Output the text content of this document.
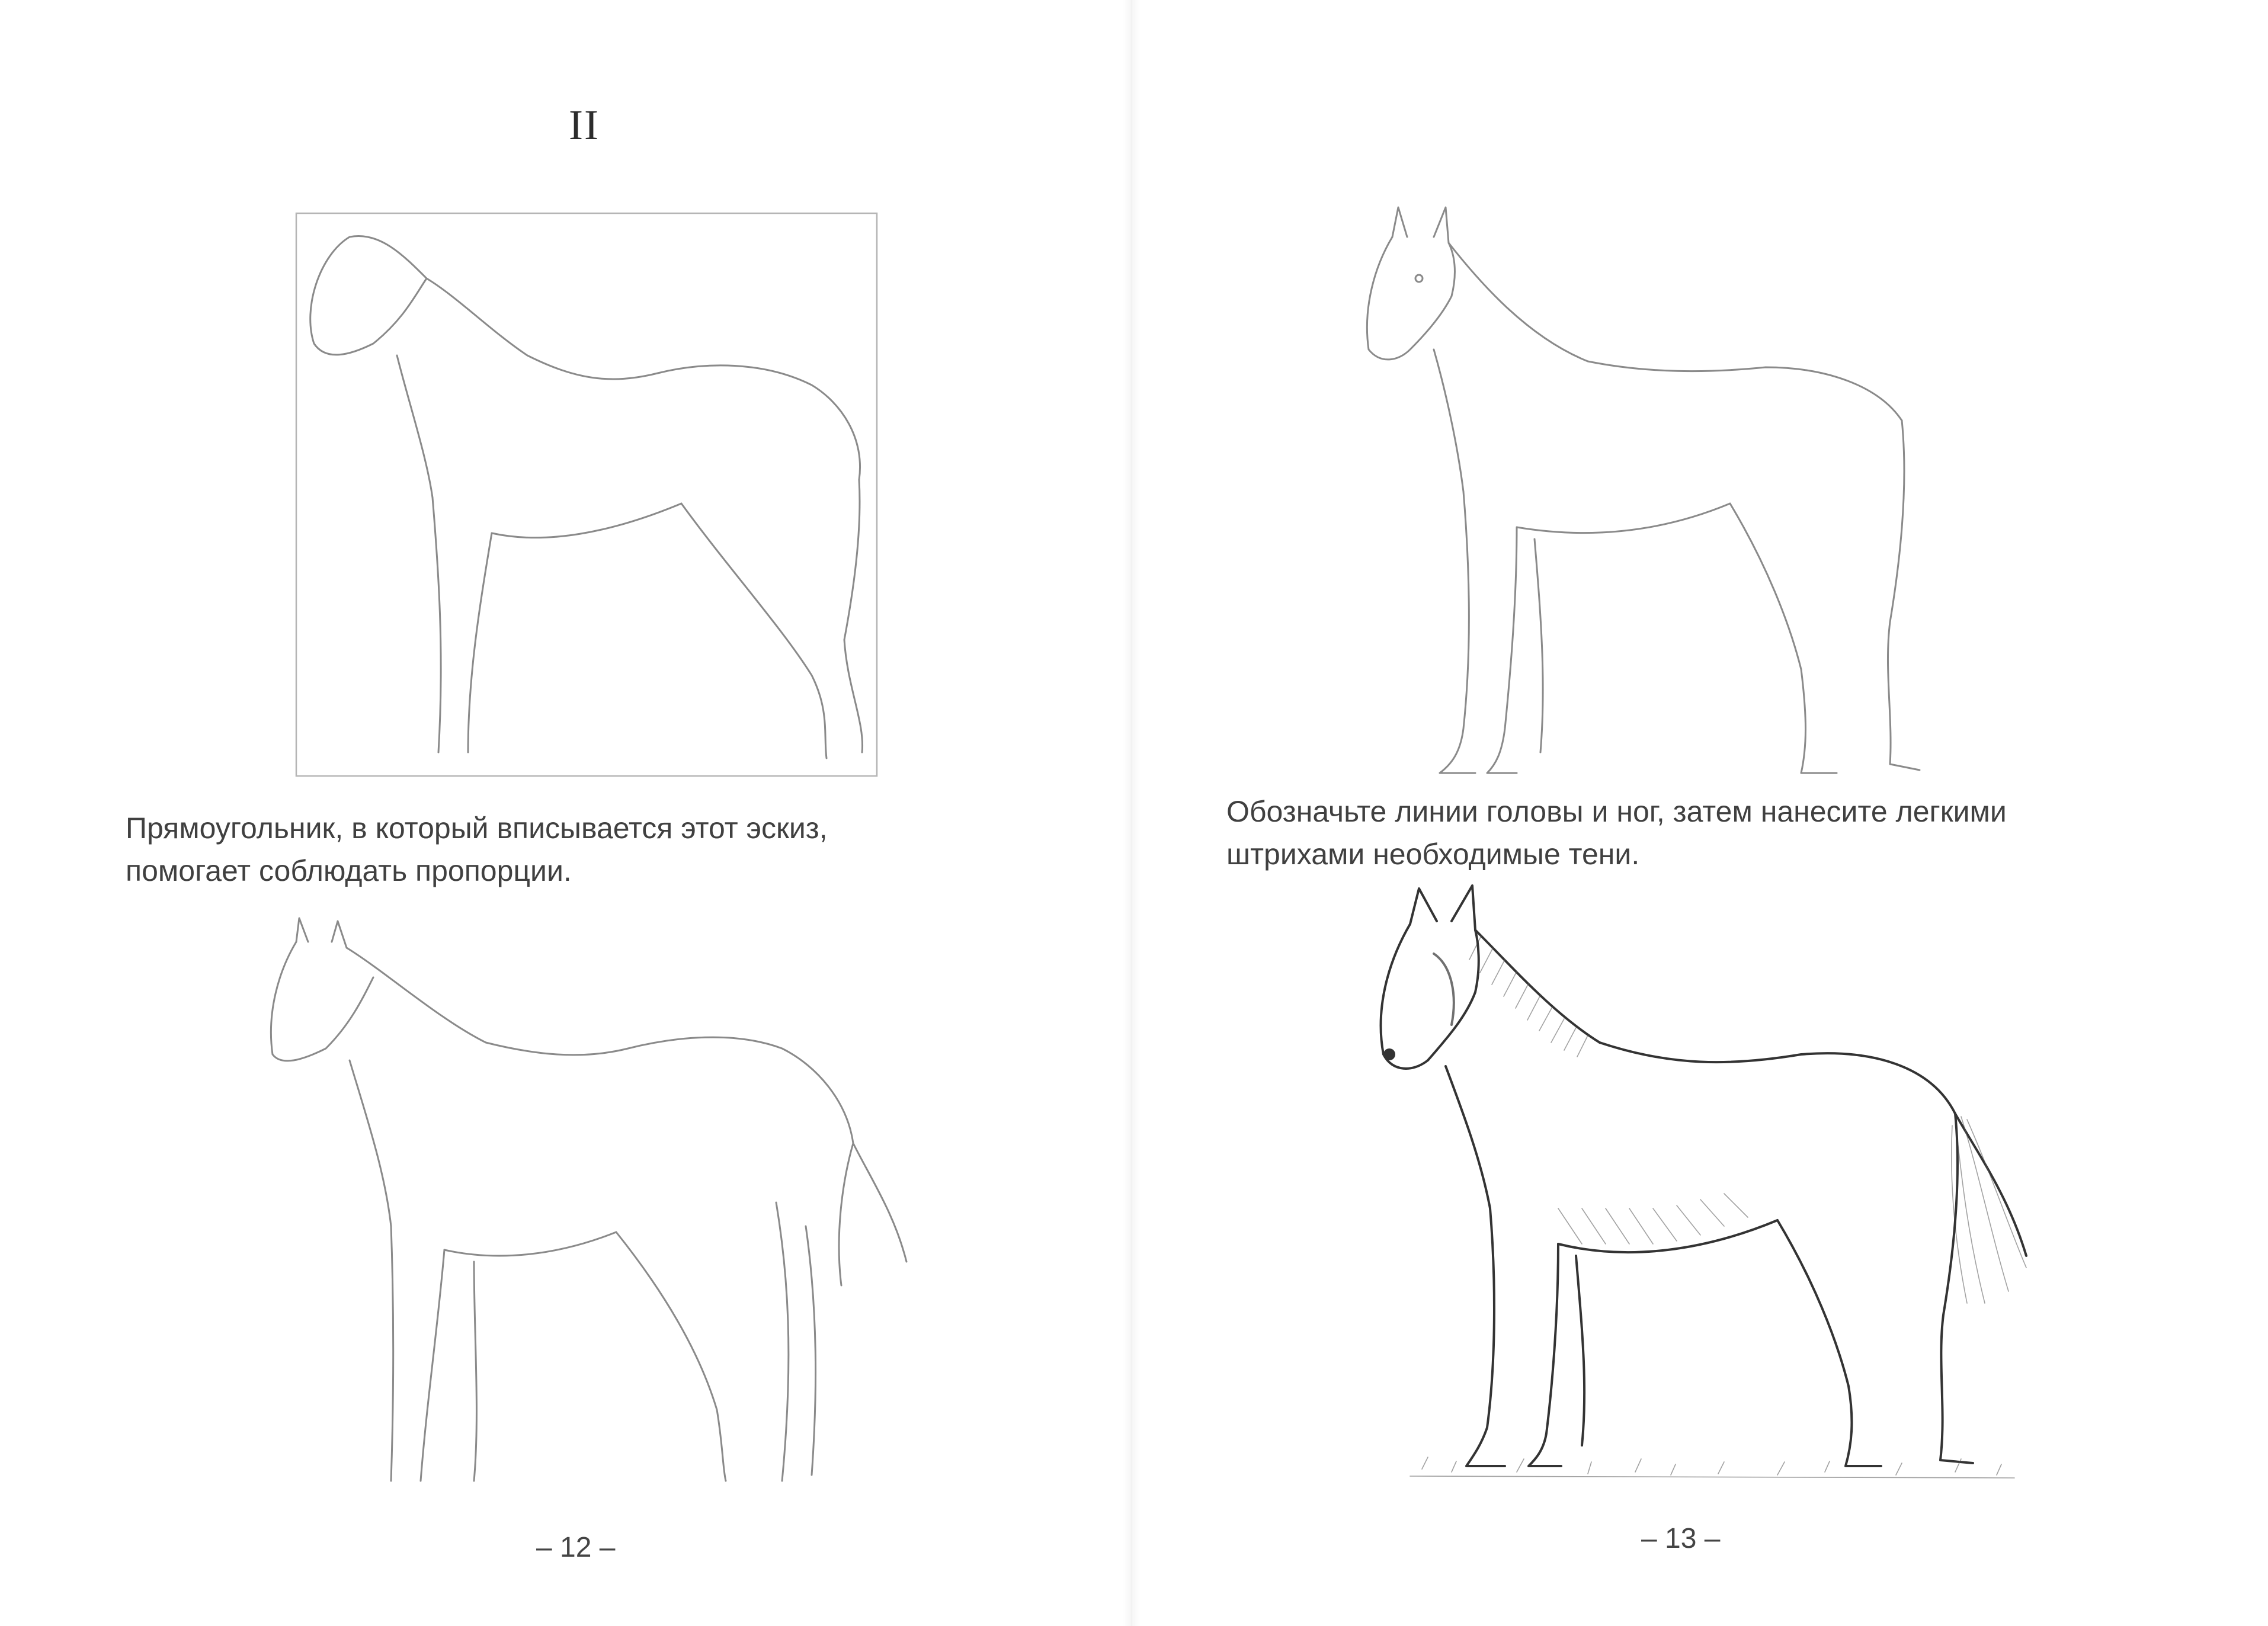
II

Прямоугольник, в который вписывается этот эскиз,
помогает соблюдать пропорции.

– 12 –

Обозначьте линии головы и ног, затем нанесите легкими
штрихами необходимые тени.

– 13 –
